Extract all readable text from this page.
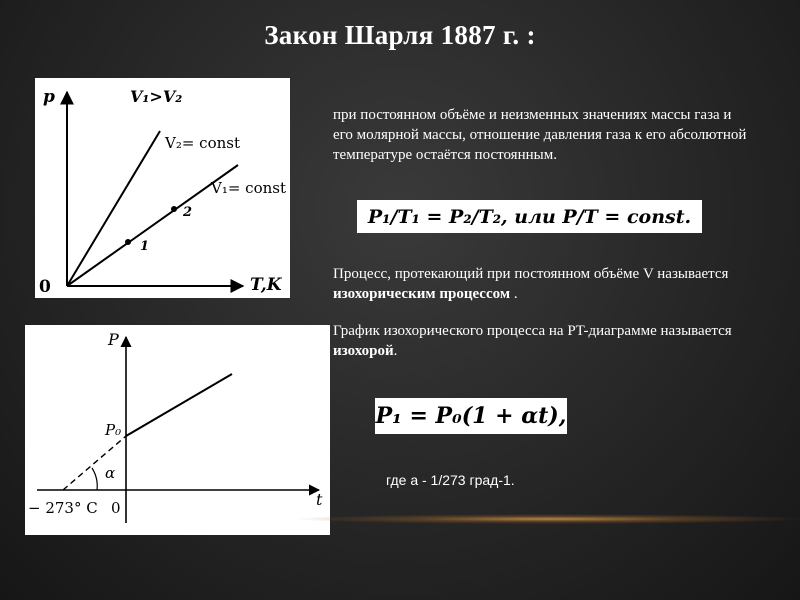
Закон Шарля 1887 г. :
p	V₁>V₂
V₂= const
V₁= const
1
2
0	T,K
P
P₀
α
t
0
− 273° C
при постоянном объёме и неизменных значениях массы газа и его молярной массы, отношение давления газа к его абсолютной температуре остаётся постоянным.
P₁/T₁ = P₂/T₂, или P/T = const.
Процесс, протекающий при постоянном объёме V называется изохорическим процессом .
График изохорического процесса на PT-диаграмме называется изохорой.
P₁ = P₀(1 + αt),
где a - 1/273 град-1.
